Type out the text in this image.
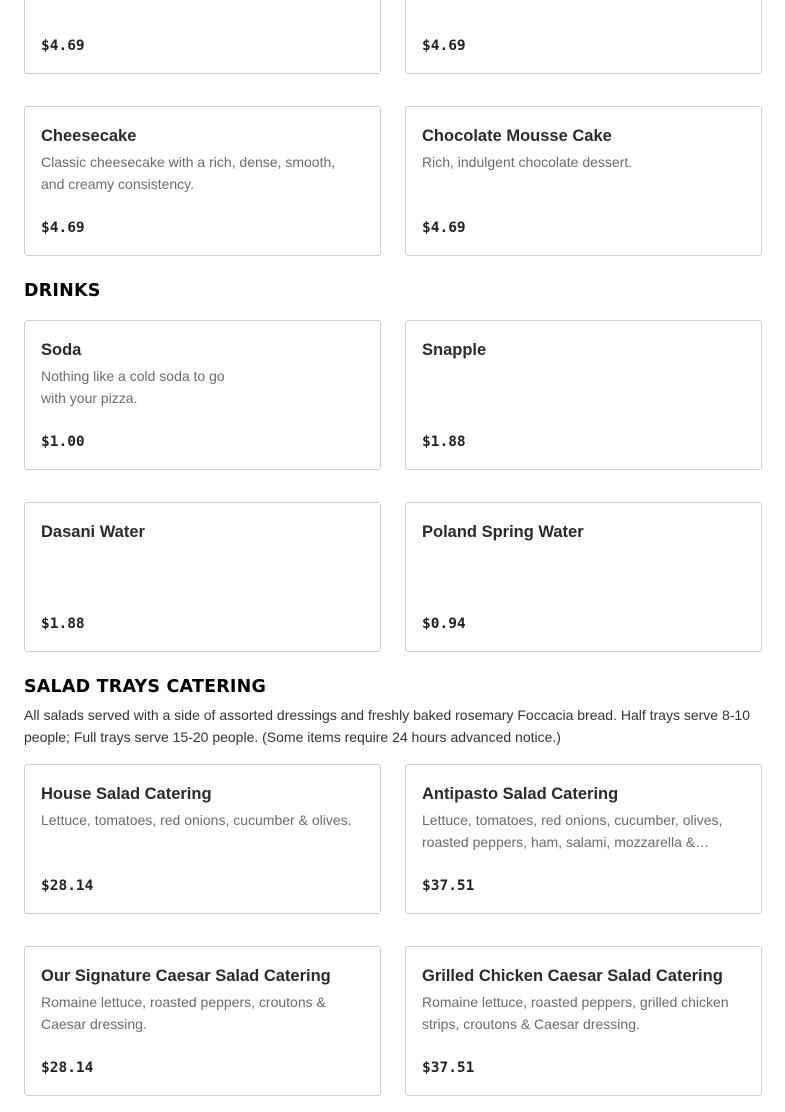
$4.69	$4.69
Cheesecake
Classic cheesecake with a rich, dense, smooth, and creamy consistency.
$4.69
Chocolate Mousse Cake
Rich, indulgent chocolate dessert.
$4.69
DRINKS
Soda
Nothing like a cold soda to go with your pizza.
$1.00
Snapple
$1.88
Dasani Water
$1.88
Poland Spring Water
$0.94
SALAD TRAYS CATERING

All salads served with a side of assorted dressings and freshly baked rosemary Foccacia bread. Half trays serve 8-10 people; Full trays serve 15-20 people. (Some items require 24 hours advanced notice.)

House Salad Catering
Lettuce, tomatoes, red onions, cucumber & olives.
$28.14
Antipasto Salad Catering
Lettuce, tomatoes, red onions, cucumber, olives, roasted peppers, ham, salami, mozzarella &…
$37.51
Our Signature Caesar Salad Catering
Romaine lettuce, roasted peppers, croutons & Caesar dressing.
$28.14
Grilled Chicken Caesar Salad Catering
Romaine lettuce, roasted peppers, grilled chicken strips, croutons & Caesar dressing.
$37.51
